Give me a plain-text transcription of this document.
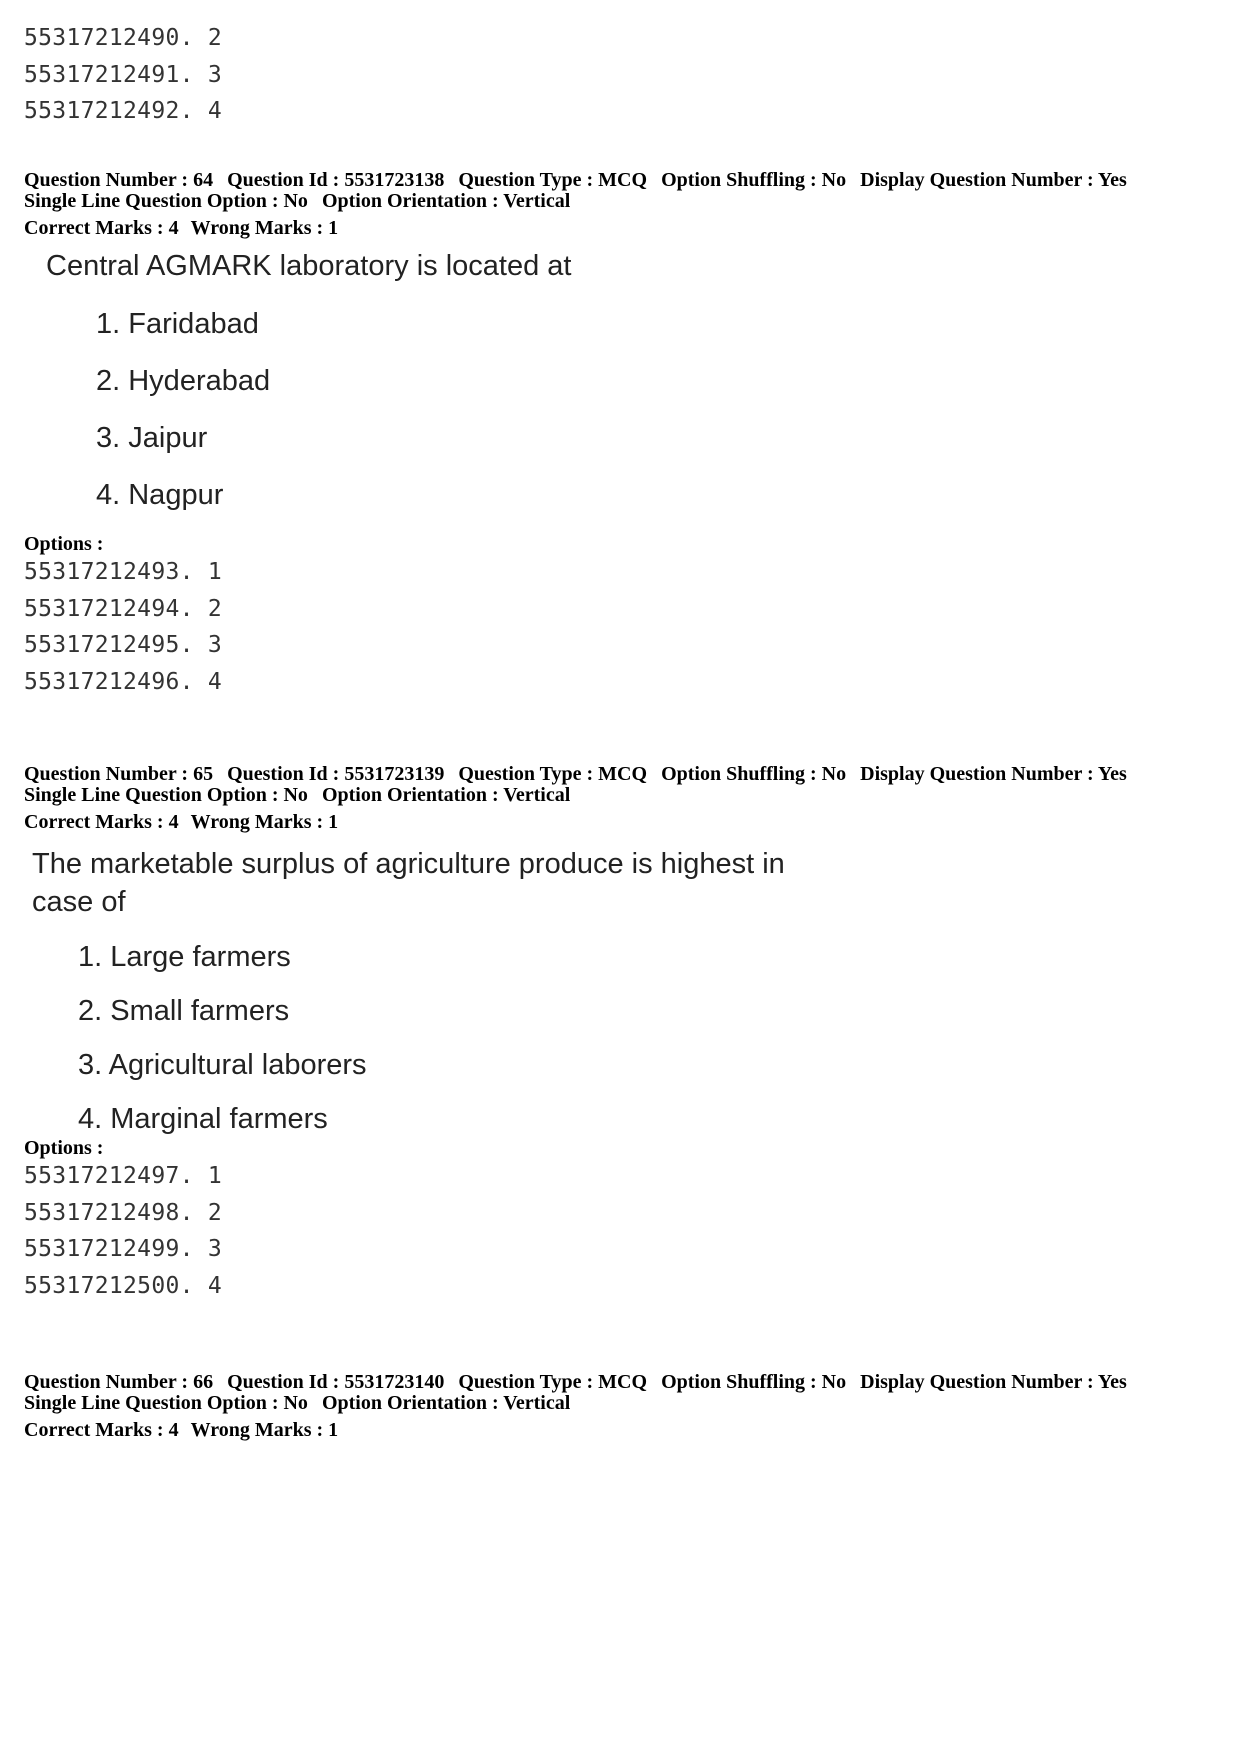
55317212490. 2
55317212491. 3
55317212492. 4
Question Number : 64 Question Id : 5531723138 Question Type : MCQ Option Shuffling : No Display Question Number : Yes
Single Line Question Option : No Option Orientation : Vertical
Correct Marks : 4 Wrong Marks : 1
Central AGMARK laboratory is located at
1. Faridabad
2. Hyderabad
3. Jaipur
4. Nagpur
Options :
55317212493. 1
55317212494. 2
55317212495. 3
55317212496. 4
Question Number : 65 Question Id : 5531723139 Question Type : MCQ Option Shuffling : No Display Question Number : Yes
Single Line Question Option : No Option Orientation : Vertical
Correct Marks : 4 Wrong Marks : 1
The marketable surplus of agriculture produce is highest in
case of
1. Large farmers
2. Small farmers
3. Agricultural laborers
4. Marginal farmers
Options :
55317212497. 1
55317212498. 2
55317212499. 3
55317212500. 4
Question Number : 66 Question Id : 5531723140 Question Type : MCQ Option Shuffling : No Display Question Number : Yes
Single Line Question Option : No Option Orientation : Vertical
Correct Marks : 4 Wrong Marks : 1
